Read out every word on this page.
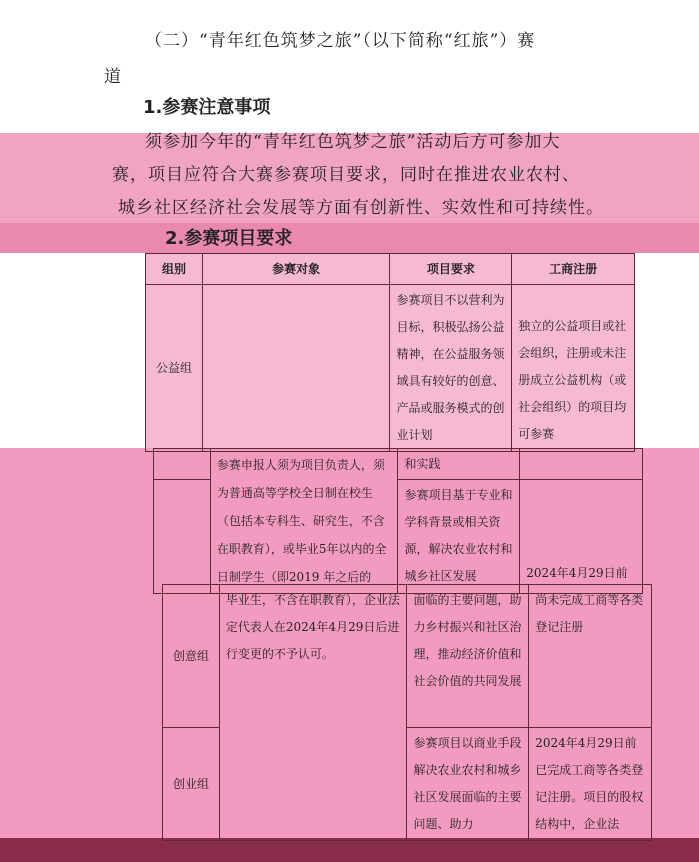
（二）“青年红色筑梦之旅”（以下简称“红旅”）赛
道
1.参赛注意事项
须参加今年的“青年红色筑梦之旅”活动后方可参加大
赛，项目应符合大赛参赛项目要求，同时在推进农业农村、
城乡社区经济社会发展等方面有创新性、实效性和可持续性。
2.参赛项目要求
组别	参赛对象	项目要求	工商注册
公益组		参赛项目不以营利为目标，积极弘扬公益精神，在公益服务领域具有较好的创意、产品或服务模式的创业计划	独立的公益项目或社会组织，注册或未注册成立公益机构（或社会组织）的项目均可参赛
	参赛申报人须为项目负责人，须为普通高等学校全日制在校生（包括本专科生、研究生，不含在职教育），或毕业5年以内的全日制学生（即2019 年之后的	和实践	
		参赛项目基于专业和学科背景或相关资源，解决农业农村和城乡社区发展	2024年4月29日前
创意组	毕业生，不含在职教育），企业法定代表人在2024年4月29日后进行变更的不予认可。	面临的主要问题，助力乡村振兴和社区治理，推动经济价值和社会价值的共同发展	尚未完成工商等各类登记注册
创业组		参赛项目以商业手段解决农业农村和城乡社区发展面临的主要问题、助力	2024年4月29日前已完成工商等各类登记注册。项目的股权结构中，企业法
